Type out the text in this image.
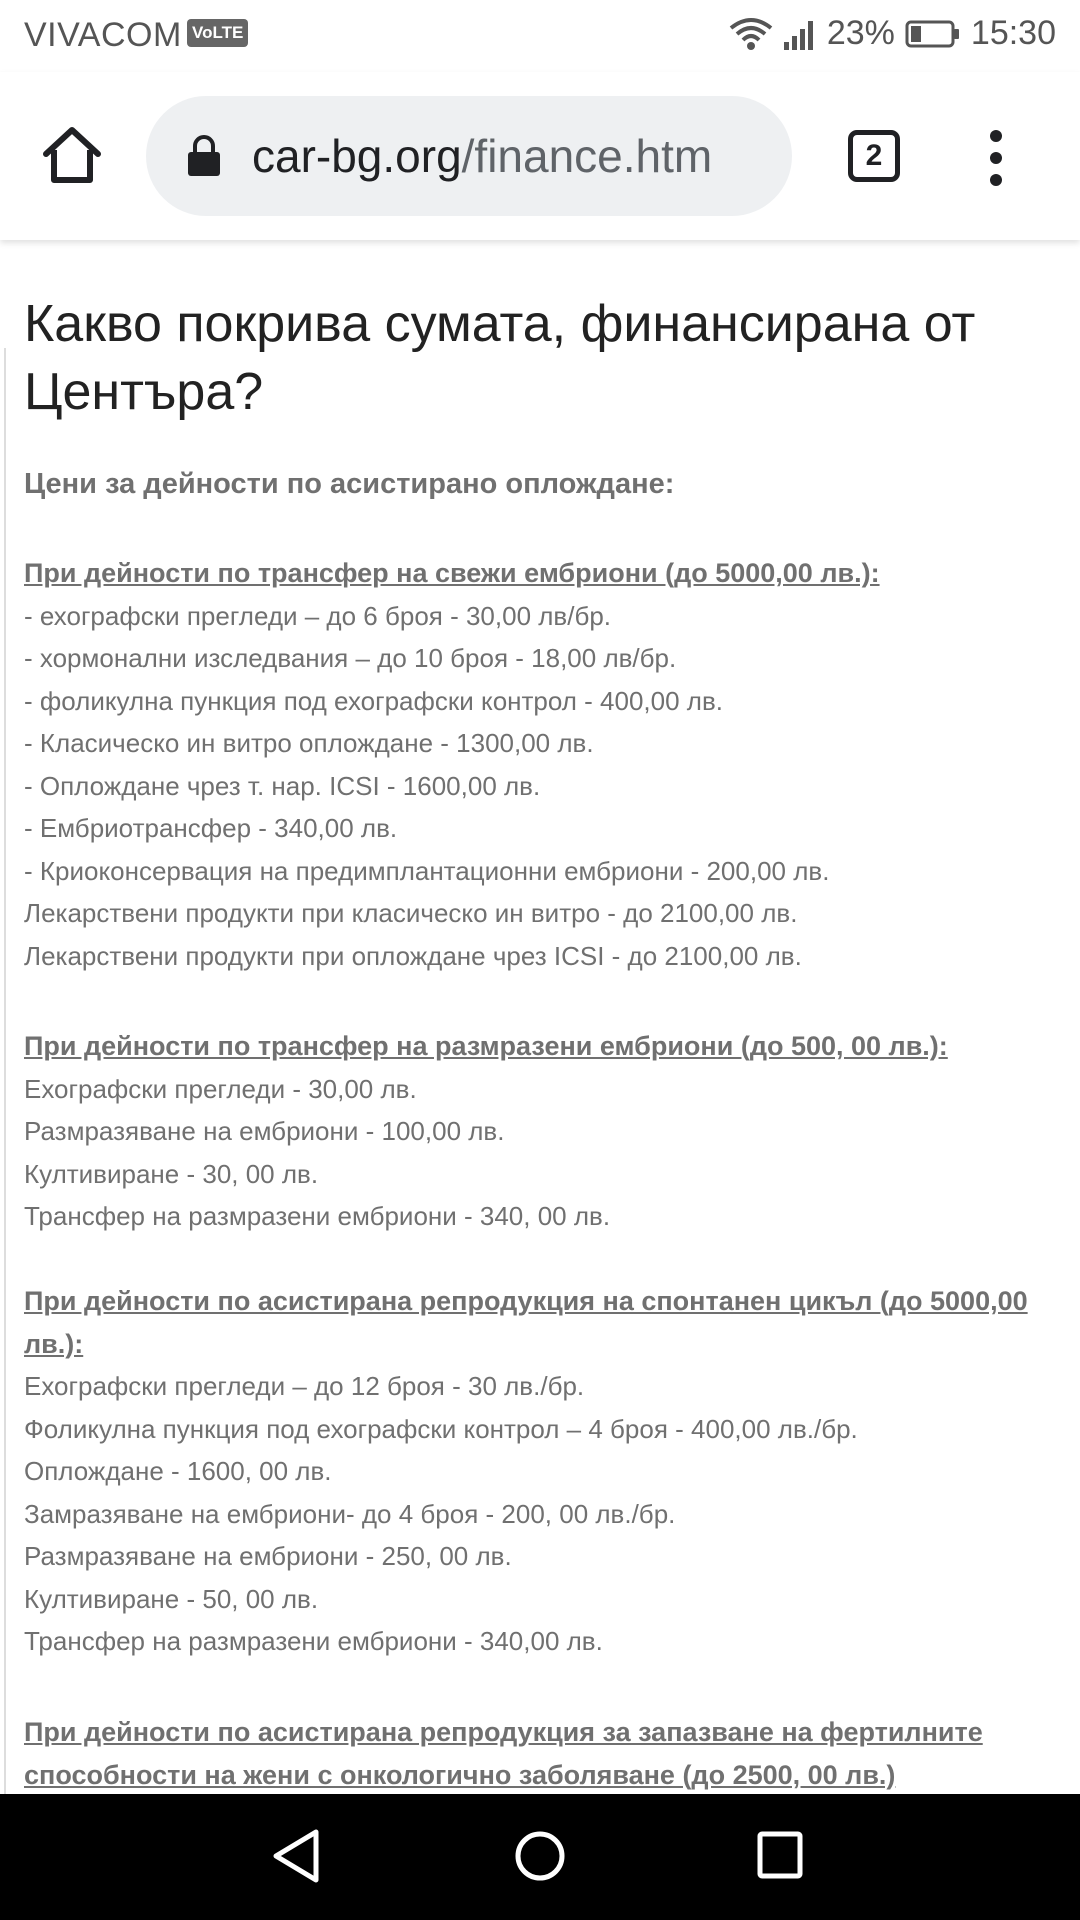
VIVACOM VoLTE	23% 15:30
car-bg.org/finance.htm	2
Какво покрива сумата, финансирана от Центъра?

Цени за дейности по асистирано оплождане:

При дейности по трансфер на свежи ембриони (до 5000,00 лв.):
- ехографски прегледи – до 6 броя - 30,00 лв/бр.
- хормонални изследвания – до 10 броя - 18,00 лв/бр.
- фоликулна пункция под ехографски контрол - 400,00 лв.
- Класическо ин витро оплождане - 1300,00 лв.
- Оплождане чрез т. нар. ICSI - 1600,00 лв.
- Ембриотрансфер - 340,00 лв.
- Криоконсервация на предимплантационни ембриони - 200,00 лв.
Лекарствени продукти при класическо ин витро - до 2100,00 лв.
Лекарствени продукти при оплождане чрез ICSI - до 2100,00 лв.
При дейности по трансфер на размразени ембриони (до 500, 00 лв.):
Ехографски прегледи - 30,00 лв.
Размразяване на ембриони - 100,00 лв.
Култивиране - 30, 00 лв.
Трансфер на размразени ембриони - 340, 00 лв.
При дейности по асистирана репродукция на спонтанен цикъл (до 5000,00 лв.):
Ехографски прегледи – до 12 броя - 30 лв./бр.
Фоликулна пункция под ехографски контрол – 4 броя - 400,00 лв./бр.
Оплождане - 1600, 00 лв.
Замразяване на ембриони- до 4 броя - 200, 00 лв./бр.
Размразяване на ембриони - 250, 00 лв.
Култивиране - 50, 00 лв.
Трансфер на размразени ембриони - 340,00 лв.
При дейности по асистирана репродукция за запазване на фертилните способности на жени с онкологично заболяване (до 2500, 00 лв.)
